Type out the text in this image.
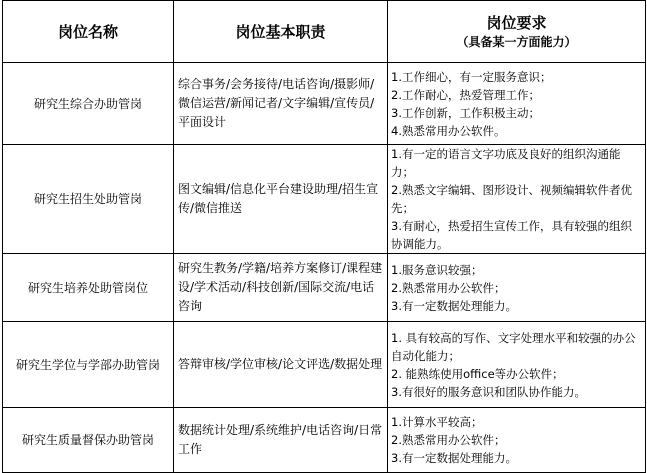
岗位名称	岗位基本职责	岗位要求
（具备某一方面能力）

研究生综合办助管岗	综合事务/会务接待/电话咨询/摄影师/微信运营/新闻记者/文字编辑/宣传员/平面设计	1.工作细心，有一定服务意识；
2.工作耐心，热爱管理工作；
3.工作创新，工作积极主动；
4.熟悉常用办公软件。

研究生招生处助管岗	图文编辑/信息化平台建设助理/招生宣传/微信推送	1.有一定的语言文字功底及良好的组织沟通能力；
2.熟悉文字编辑、图形设计、视频编辑软件者优先；
3.有耐心，热爱招生宣传工作，具有较强的组织协调能力。

研究生培养处助管岗位	研究生教务/学籍/培养方案修订/课程建设/学术活动/科技创新/国际交流/电话咨询	1.服务意识较强；
2.熟悉常用办公软件；
3.有一定数据处理能力。

研究生学位与学部办助管岗	答辩审核/学位审核/论文评选/数据处理	1. 具有较高的写作、文字处理水平和较强的办公自动化能力；
2. 能熟练使用office等办公软件；
3.有很好的服务意识和团队协作能力。

研究生质量督保办助管岗	数据统计处理/系统维护/电话咨询/日常工作	1.计算水平较高；
2.熟悉常用办公软件；
3.有一定数据处理能力。
